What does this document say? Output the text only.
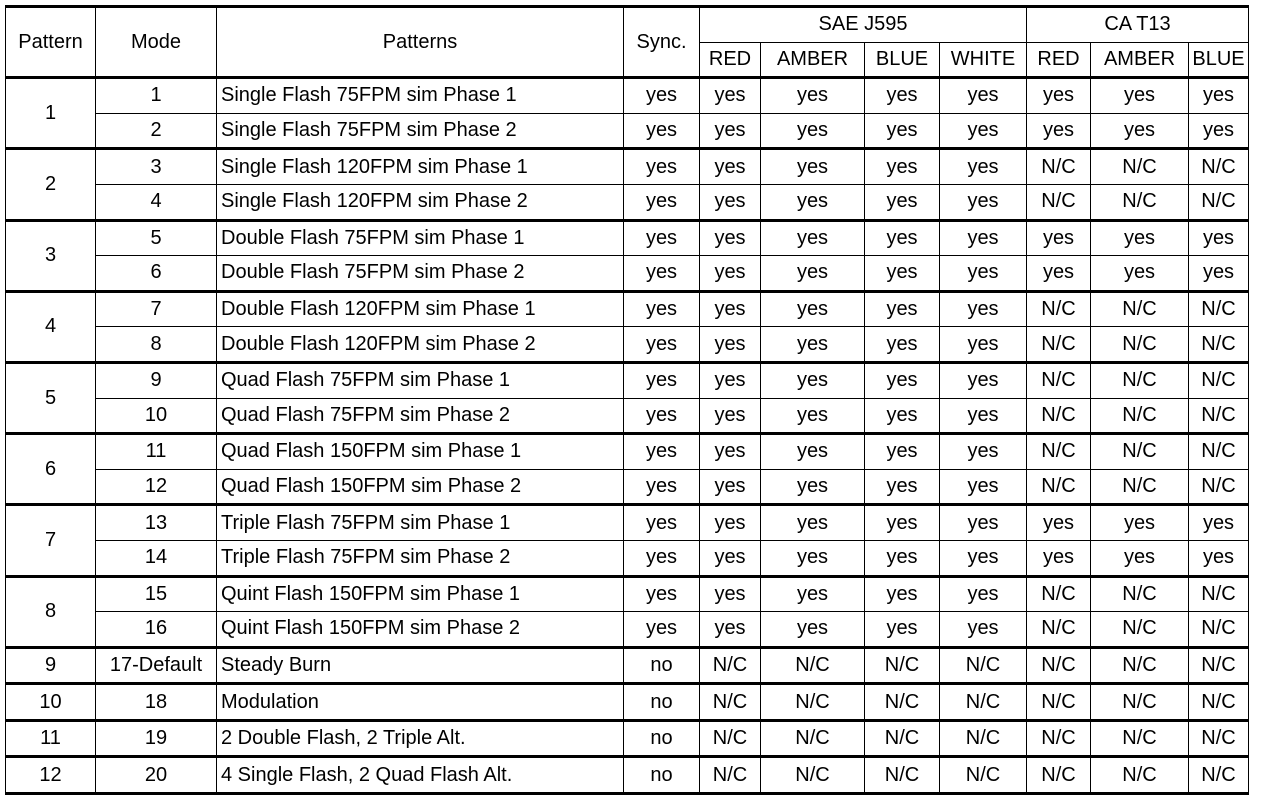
Pattern	Mode	Patterns	Sync.	SAE J595				CA T13		
				RED	AMBER	BLUE	WHITE	RED	AMBER	BLUE
1	1	Single Flash 75FPM sim Phase 1	yes	yes	yes	yes	yes	yes	yes	yes
	2	Single Flash 75FPM sim Phase 2	yes	yes	yes	yes	yes	yes	yes	yes
2	3	Single Flash 120FPM sim Phase 1	yes	yes	yes	yes	yes	N/C	N/C	N/C
	4	Single Flash 120FPM sim Phase 2	yes	yes	yes	yes	yes	N/C	N/C	N/C
3	5	Double Flash 75FPM sim Phase 1	yes	yes	yes	yes	yes	yes	yes	yes
	6	Double Flash 75FPM sim Phase 2	yes	yes	yes	yes	yes	yes	yes	yes
4	7	Double Flash 120FPM sim Phase 1	yes	yes	yes	yes	yes	N/C	N/C	N/C
	8	Double Flash 120FPM sim Phase 2	yes	yes	yes	yes	yes	N/C	N/C	N/C
5	9	Quad Flash 75FPM sim Phase 1	yes	yes	yes	yes	yes	N/C	N/C	N/C
	10	Quad Flash 75FPM sim Phase 2	yes	yes	yes	yes	yes	N/C	N/C	N/C
6	11	Quad Flash 150FPM sim Phase 1	yes	yes	yes	yes	yes	N/C	N/C	N/C
	12	Quad Flash 150FPM sim Phase 2	yes	yes	yes	yes	yes	N/C	N/C	N/C
7	13	Triple Flash 75FPM sim Phase 1	yes	yes	yes	yes	yes	yes	yes	yes
	14	Triple Flash 75FPM sim Phase 2	yes	yes	yes	yes	yes	yes	yes	yes
8	15	Quint Flash 150FPM sim Phase 1	yes	yes	yes	yes	yes	N/C	N/C	N/C
	16	Quint Flash 150FPM sim Phase 2	yes	yes	yes	yes	yes	N/C	N/C	N/C
9	17-Default	Steady Burn	no	N/C	N/C	N/C	N/C	N/C	N/C	N/C
10	18	Modulation	no	N/C	N/C	N/C	N/C	N/C	N/C	N/C
11	19	2 Double Flash, 2 Triple Alt.	no	N/C	N/C	N/C	N/C	N/C	N/C	N/C
12	20	4 Single Flash, 2 Quad Flash Alt.	no	N/C	N/C	N/C	N/C	N/C	N/C	N/C
